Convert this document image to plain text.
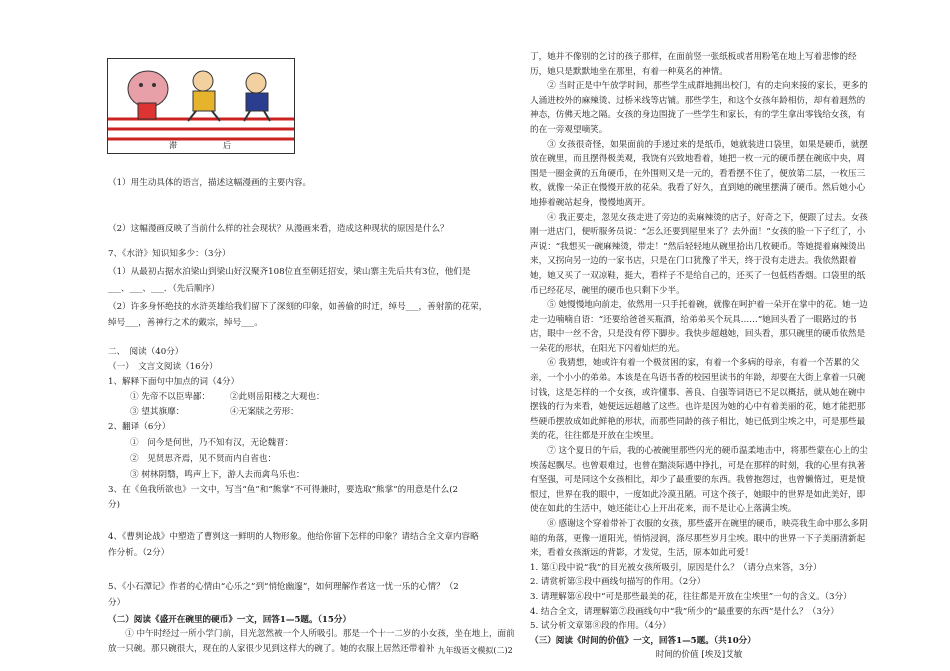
滞	后

（1）用生动具体的语言，描述这幅漫画的主要内容。

（2）这幅漫画反映了当前什么样的社会现状？从漫画来看，造成这种现状的原因是什么？

7、《水浒》知识知多少：（3分）

（1）从最初占据水泊梁山到梁山好汉聚齐108位直至朝廷招安，梁山寨主先后共有3位，他们是

___、___、___．（先后顺序）

（2）许多身怀绝技的水浒英雄给我们留下了深刻的印象，如善偷的时迁，绰号___，善射箭的花荣，

绰号___，善神行之术的戴宗，绰号___。

二、　阅读（40分）

（一）　文言文阅读（16分）

1、解释下面句中加点的词（4分）

① 先帝不以臣卑鄙： ②此则岳阳楼之大观也：

③ 望其旗靡：	④无案牍之劳形：

2、翻译（6分）

①　问今是何世，乃不知有汉，无论魏晋：

②　见贤思齐焉，见不贤而内自省也：

③ 树林阴翳，鸣声上下，游人去而禽鸟乐也：

3、在《鱼我所欲也》一文中，写当“鱼”和“熊掌”不可得兼时，要选取“熊掌”的用意是什么(2

分)

4、《曹刿论战》中塑造了曹刿这一鲜明的人物形象。他给你留下怎样的印象？请结合全文章内容略

作分析。（2分）

5、《小石潭记》作者的心情由“心乐之”到“悄怆幽邃”，如何理解作者这一忧一乐的心情？（2

分）

（二）阅读《盛开在碗里的硬币》一文，回答1—5题。（15分）

① 中午时经过一所小学门前，目光忽然被一个人所吸引。那是一个十一二岁的小女孩，坐在地上，面前放一只碗。那只碗很大，现在的人家很少见到这样大的碗了。她的衣服上居然还带着补

丁，她并不像别的乞讨的孩子那样，在面前竖一张纸板或者用粉笔在地上写着悲惨的经历，她只是默默地坐在那里，有着一种莫名的神情。

② 当时正是中午放学时间，那些学生成群地拥出校门，有的走向来接的家长，更多的人涌进校外的麻辣烫、过桥米线等店铺。那些学生，和这个女孩年龄相仿，却有着迥然的神态，仿佛天地之隔。女孩的身边围拢了一些学生和家长，有的学生拿出零钱给女孩，有的在一旁观望嘀笑。

③ 女孩很奇怪，如果面前的手递过来的是纸币，她就装进口袋里，如果是硬币，就摆放在碗里，而且摆得极美观，我饶有兴致地看着，她把一枚一元的硬币摆在碗底中央，周围是一圈金黄的五角硬币，在外围则又是一元的，看看摆不住了，便放第二层，一枚压三枚，就像一朵正在慢慢开放的花朵。我看了好久，直到她的碗里摆满了硬币。然后她小心地捧着碗站起身，慢慢地离开。

④ 我正要走，忽见女孩走进了旁边的卖麻辣烫的店子，好奇之下，便跟了过去。女孩刚一进店门，便听服务员说：“怎么还要到屋里来了？去外面！”女孩的脸一下子红了，小声说：“我想买一碗麻辣烫，带走！”然后轻轻地从碗里拾出几枚硬币。等她提着麻辣烫出来，又拐向另一边的一家书店，只是在门口犹豫了半天，终于没有走进去。我依然跟着她，她又买了一双凉鞋，挺大，看样子不是给自己的，还买了一包低档香烟。口袋里的纸币已经花尽，碗里的硬币也只剩下少半。

⑤ 她慢慢地向前走，依然用一只手托着碗，就像在呵护着一朵开在掌中的花。她一边走一边喃喃自语：“还要给爸爸买瓶酒，给弟弟买个玩具……”她回头看了一眼路过的书店，眼中一丝不舍，只是没有停下脚步。我快步超越她，回头看，那只碗里的硬币依然是一朵花的形状，在阳光下闪着灿烂的光。

⑥ 我猜想，她或许有着一个极贫困的家，有着一个多病的母亲，有着一个苦累的父亲，一个小小的弟弟。本该是在鸟语书香的校园里读书的年龄，却要在大街上拿着一只碗讨钱，这是怎样的一个女孩，或许懂事、善良、自强等词语已不足以概括，就从她在碗中摆钱的行为来看，她便远远超越了这些。也许是因为她的心中有着美丽的花，她才能把那些硬币摆放成如此鲜艳的形状，而那些同龄的孩子相比，她已低到尘埃之中，可是那些最美的花，往往都是开放在尘埃里。

⑦ 这个夏日的午后，我的心被碗里那些闪光的硬币温柔地击中，将那些蒙在心上的尘埃荡起飘尽。也曾艰难过，也曾在黯淡际遇中挣扎，可是在那样的时刻，我的心里有执著有坚强，可是同这个女孩相比，却少了最重要的东西。我曾抱怨过，也曾懒惰过，更是愤恨过，世界在我的眼中，一度如此冷漠丑陋。可这个孩子，她眼中的世界是如此美好，即使在如此的生活中，她还能让心上开出花来，而不是让心上落满尘埃。

⑧ 感谢这个穿着带补丁衣服的女孩，那些盛开在碗里的硬币，映亮我生命中那么多阴暗的角落，更像一道阳光，悄悄浸润，涤尽那些岁月尘埃。眼中的世界一下子美丽清新起来，看着女孩渐远的背影，才发觉，生活，原本如此可爱！

1. 第①段中说“我”的目光被女孩所吸引，原因是什么？（请分点来答，3分）

2. 请赏析第⑤段中画线句描写的作用。（2分）

3. 请理解第⑥段中“可是那些最美的花，往往都是开放在尘埃里”一句的含义。（3分）

4. 结合全文，请理解第⑦段画线句中“我”所少的“最重要的东西”是什么？（3分）

5. 试分析文章第⑧段的作用。（4分）

（三）阅读《时间的价值》一文，回答1—5题。（共10分）

时间的价值 [埃及]艾敏

九年级语文模拟(二)2
